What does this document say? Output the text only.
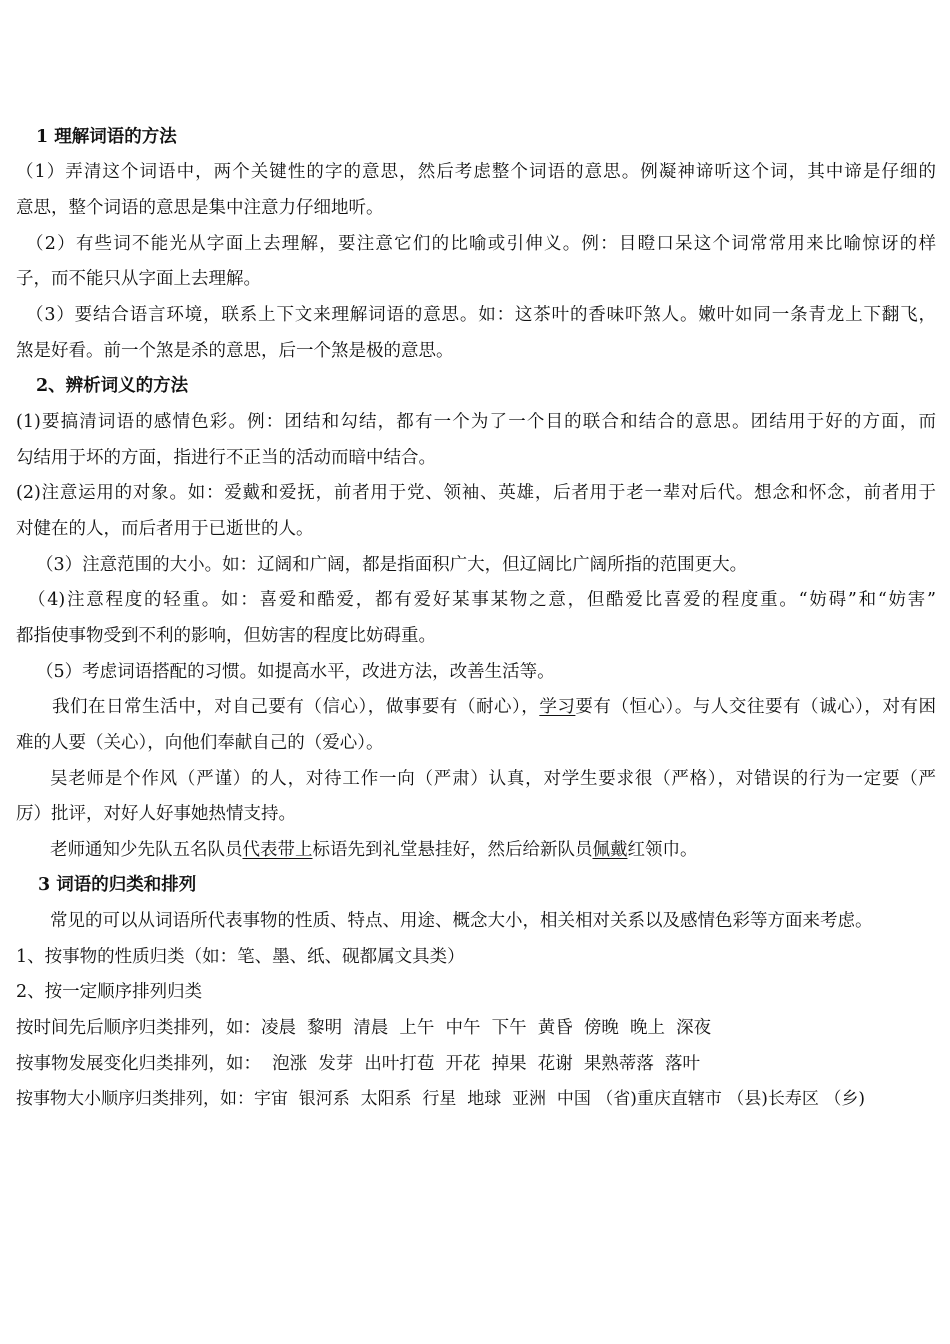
1 理解词语的方法
（1）弄清这个词语中，两个关键性的字的意思，然后考虑整个词语的意思。例凝神谛听这个词，其中谛是仔细的
意思，整个词语的意思是集中注意力仔细地听。
（2）有些词不能光从字面上去理解，要注意它们的比喻或引伸义。例：目瞪口呆这个词常常用来比喻惊讶的样
子，而不能只从字面上去理解。
（3）要结合语言环境，联系上下文来理解词语的意思。如：这茶叶的香味吓煞人。嫩叶如同一条青龙上下翻飞，
煞是好看。前一个煞是杀的意思，后一个煞是极的意思。
2、辨析词义的方法
(1)要搞清词语的感情色彩。例：团结和勾结，都有一个为了一个目的联合和结合的意思。团结用于好的方面，而
勾结用于坏的方面，指进行不正当的活动而暗中结合。
(2)注意运用的对象。如：爱戴和爱抚，前者用于党、领袖、英雄，后者用于老一辈对后代。想念和怀念，前者用于
对健在的人，而后者用于已逝世的人。
（3）注意范围的大小。如：辽阔和广阔，都是指面积广大，但辽阔比广阔所指的范围更大。
（4)注意程度的轻重。如：喜爱和酷爱，都有爱好某事某物之意，但酷爱比喜爱的程度重。“妨碍”和“妨害”
都指使事物受到不利的影响，但妨害的程度比妨碍重。
（5）考虑词语搭配的习惯。如提高水平，改进方法，改善生活等。
我们在日常生活中，对自己要有（信心），做事要有（耐心），学习要有（恒心）。与人交往要有（诚心），对有困
难的人要（关心），向他们奉献自己的（爱心）。
吴老师是个作风（严谨）的人，对待工作一向（严肃）认真，对学生要求很（严格），对错误的行为一定要（严
厉）批评，对好人好事她热情支持。
老师通知少先队五名队员代表带上标语先到礼堂悬挂好，然后给新队员佩戴红领巾。
3 词语的归类和排列
常见的可以从词语所代表事物的性质、特点、用途、概念大小，相关相对关系以及感情色彩等方面来考虑。
1、按事物的性质归类（如：笔、墨、纸、砚都属文具类）
2、按一定顺序排列归类
按时间先后顺序归类排列，如：凌晨  黎明  清晨  上午  中午  下午  黄昏  傍晚  晚上  深夜
按事物发展变化归类排列，如：  泡涨  发芽  出叶打苞  开花  掉果  花谢  果熟蒂落  落叶
按事物大小顺序归类排列，如：宇宙  银河系  太阳系  行星  地球  亚洲  中国 （省)重庆直辖市 （县)长寿区 （乡)
